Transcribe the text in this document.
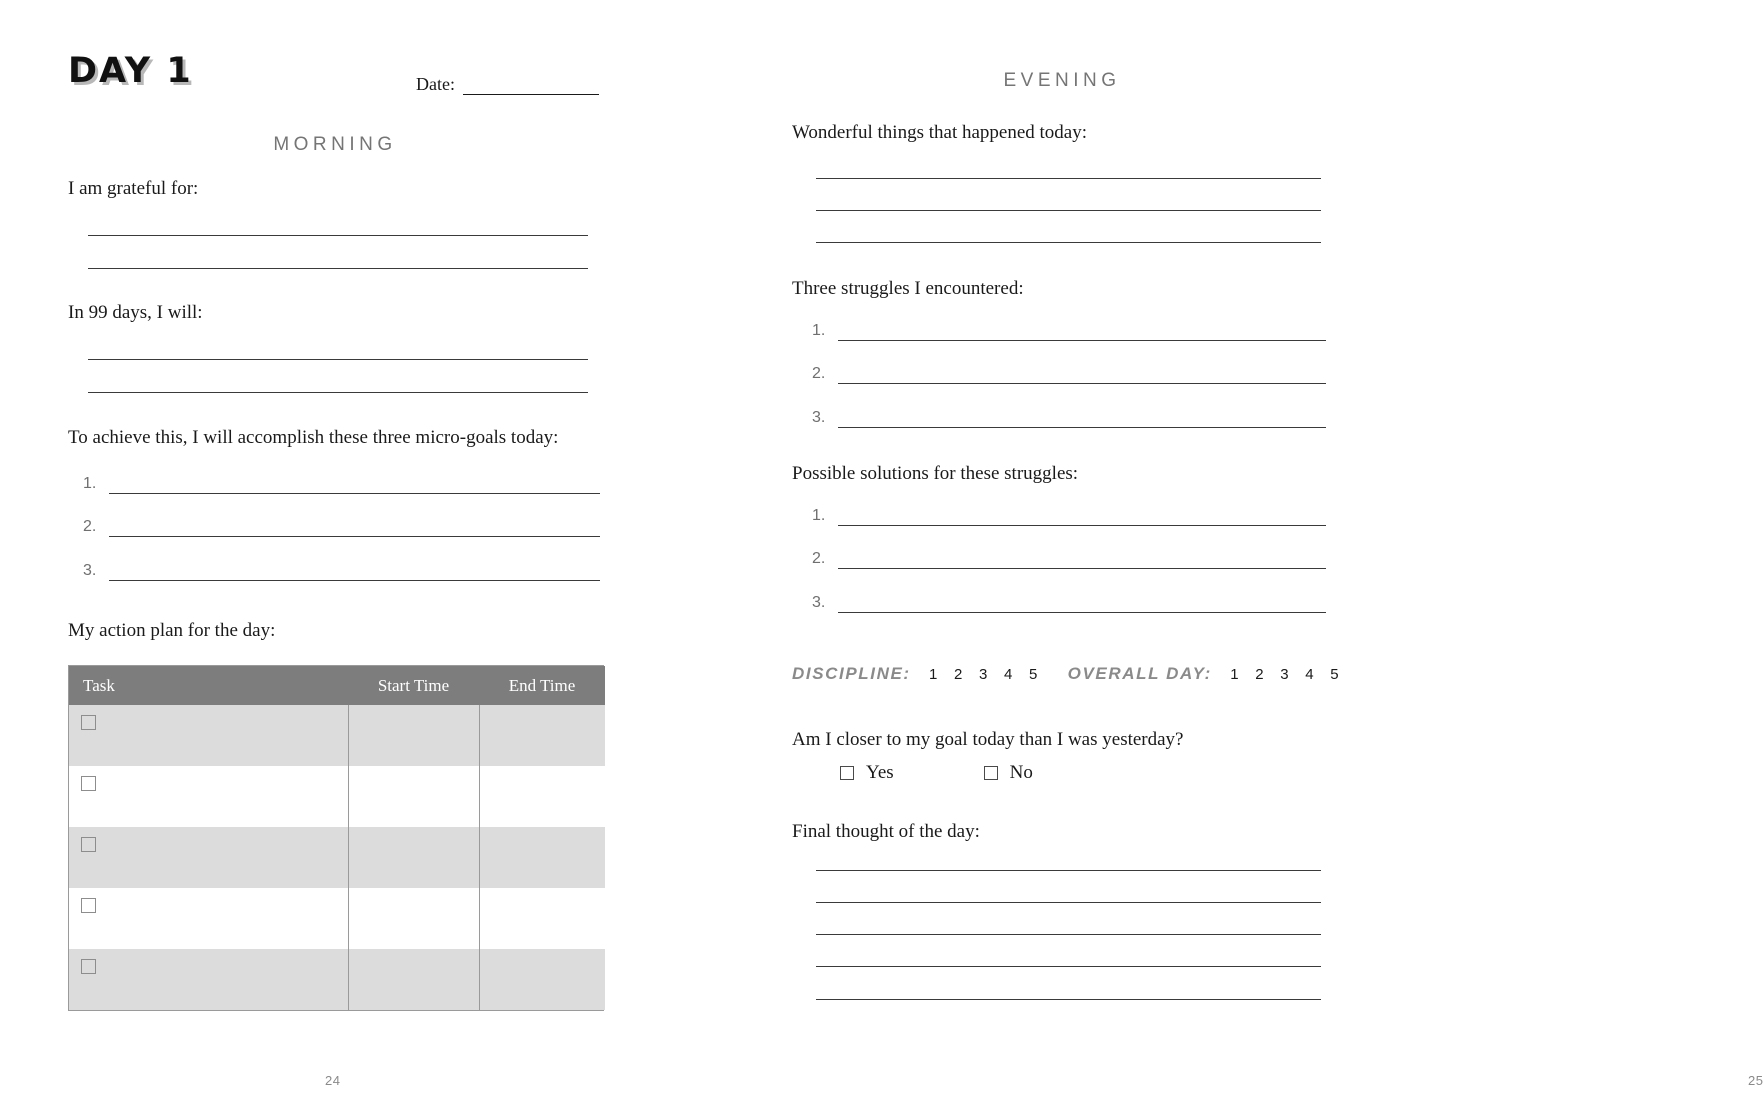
DAY 1	Date:
MORNING
I am grateful for:
In 99 days, I will:
To achieve this, I will accomplish these three micro-goals today:
1.
2.
3.
My action plan for the day:
Task	Start Time	End Time

24
EVENING
Wonderful things that happened today:
Three struggles I encountered:
1.
2.
3.
Possible solutions for these struggles:
1.
2.
3.
DISCIPLINE:	1	2	3	4	5	OVERALL DAY:	1	2	3	4	5
Am I closer to my goal today than I was yesterday?
Yes	No
Final thought of the day:
25
